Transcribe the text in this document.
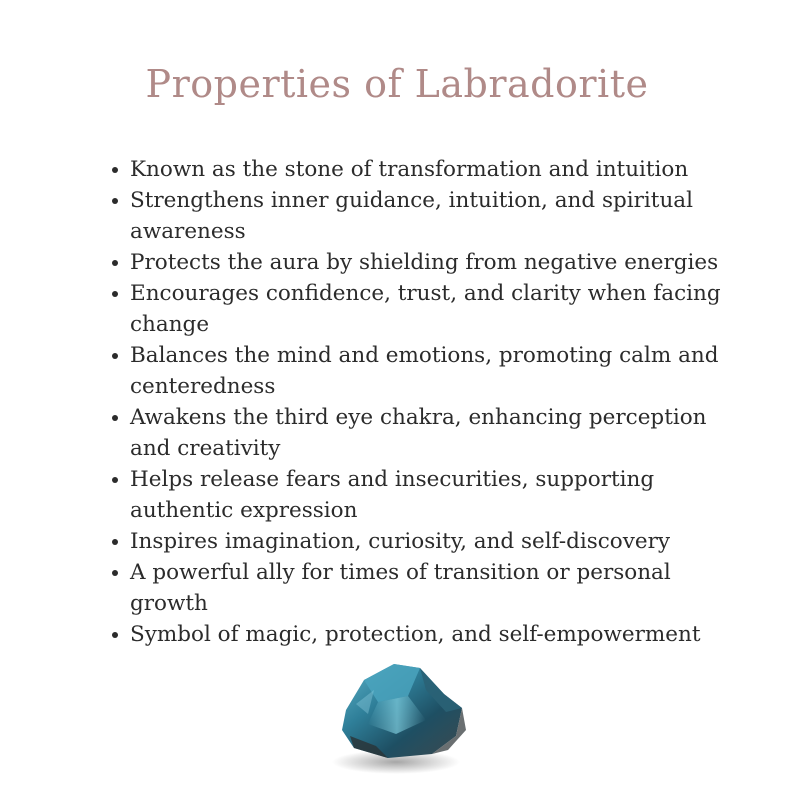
Properties of Labradorite
Known as the stone of transformation and intuition
Strengthens inner guidance, intuition, and spiritual awareness
Protects the aura by shielding from negative energies
Encourages confidence, trust, and clarity when facing change
Balances the mind and emotions, promoting calm and centeredness
Awakens the third eye chakra, enhancing perception and creativity
Helps release fears and insecurities, supporting authentic expression
Inspires imagination, curiosity, and self-discovery
A powerful ally for times of transition or personal growth
Symbol of magic, protection, and self-empowerment
